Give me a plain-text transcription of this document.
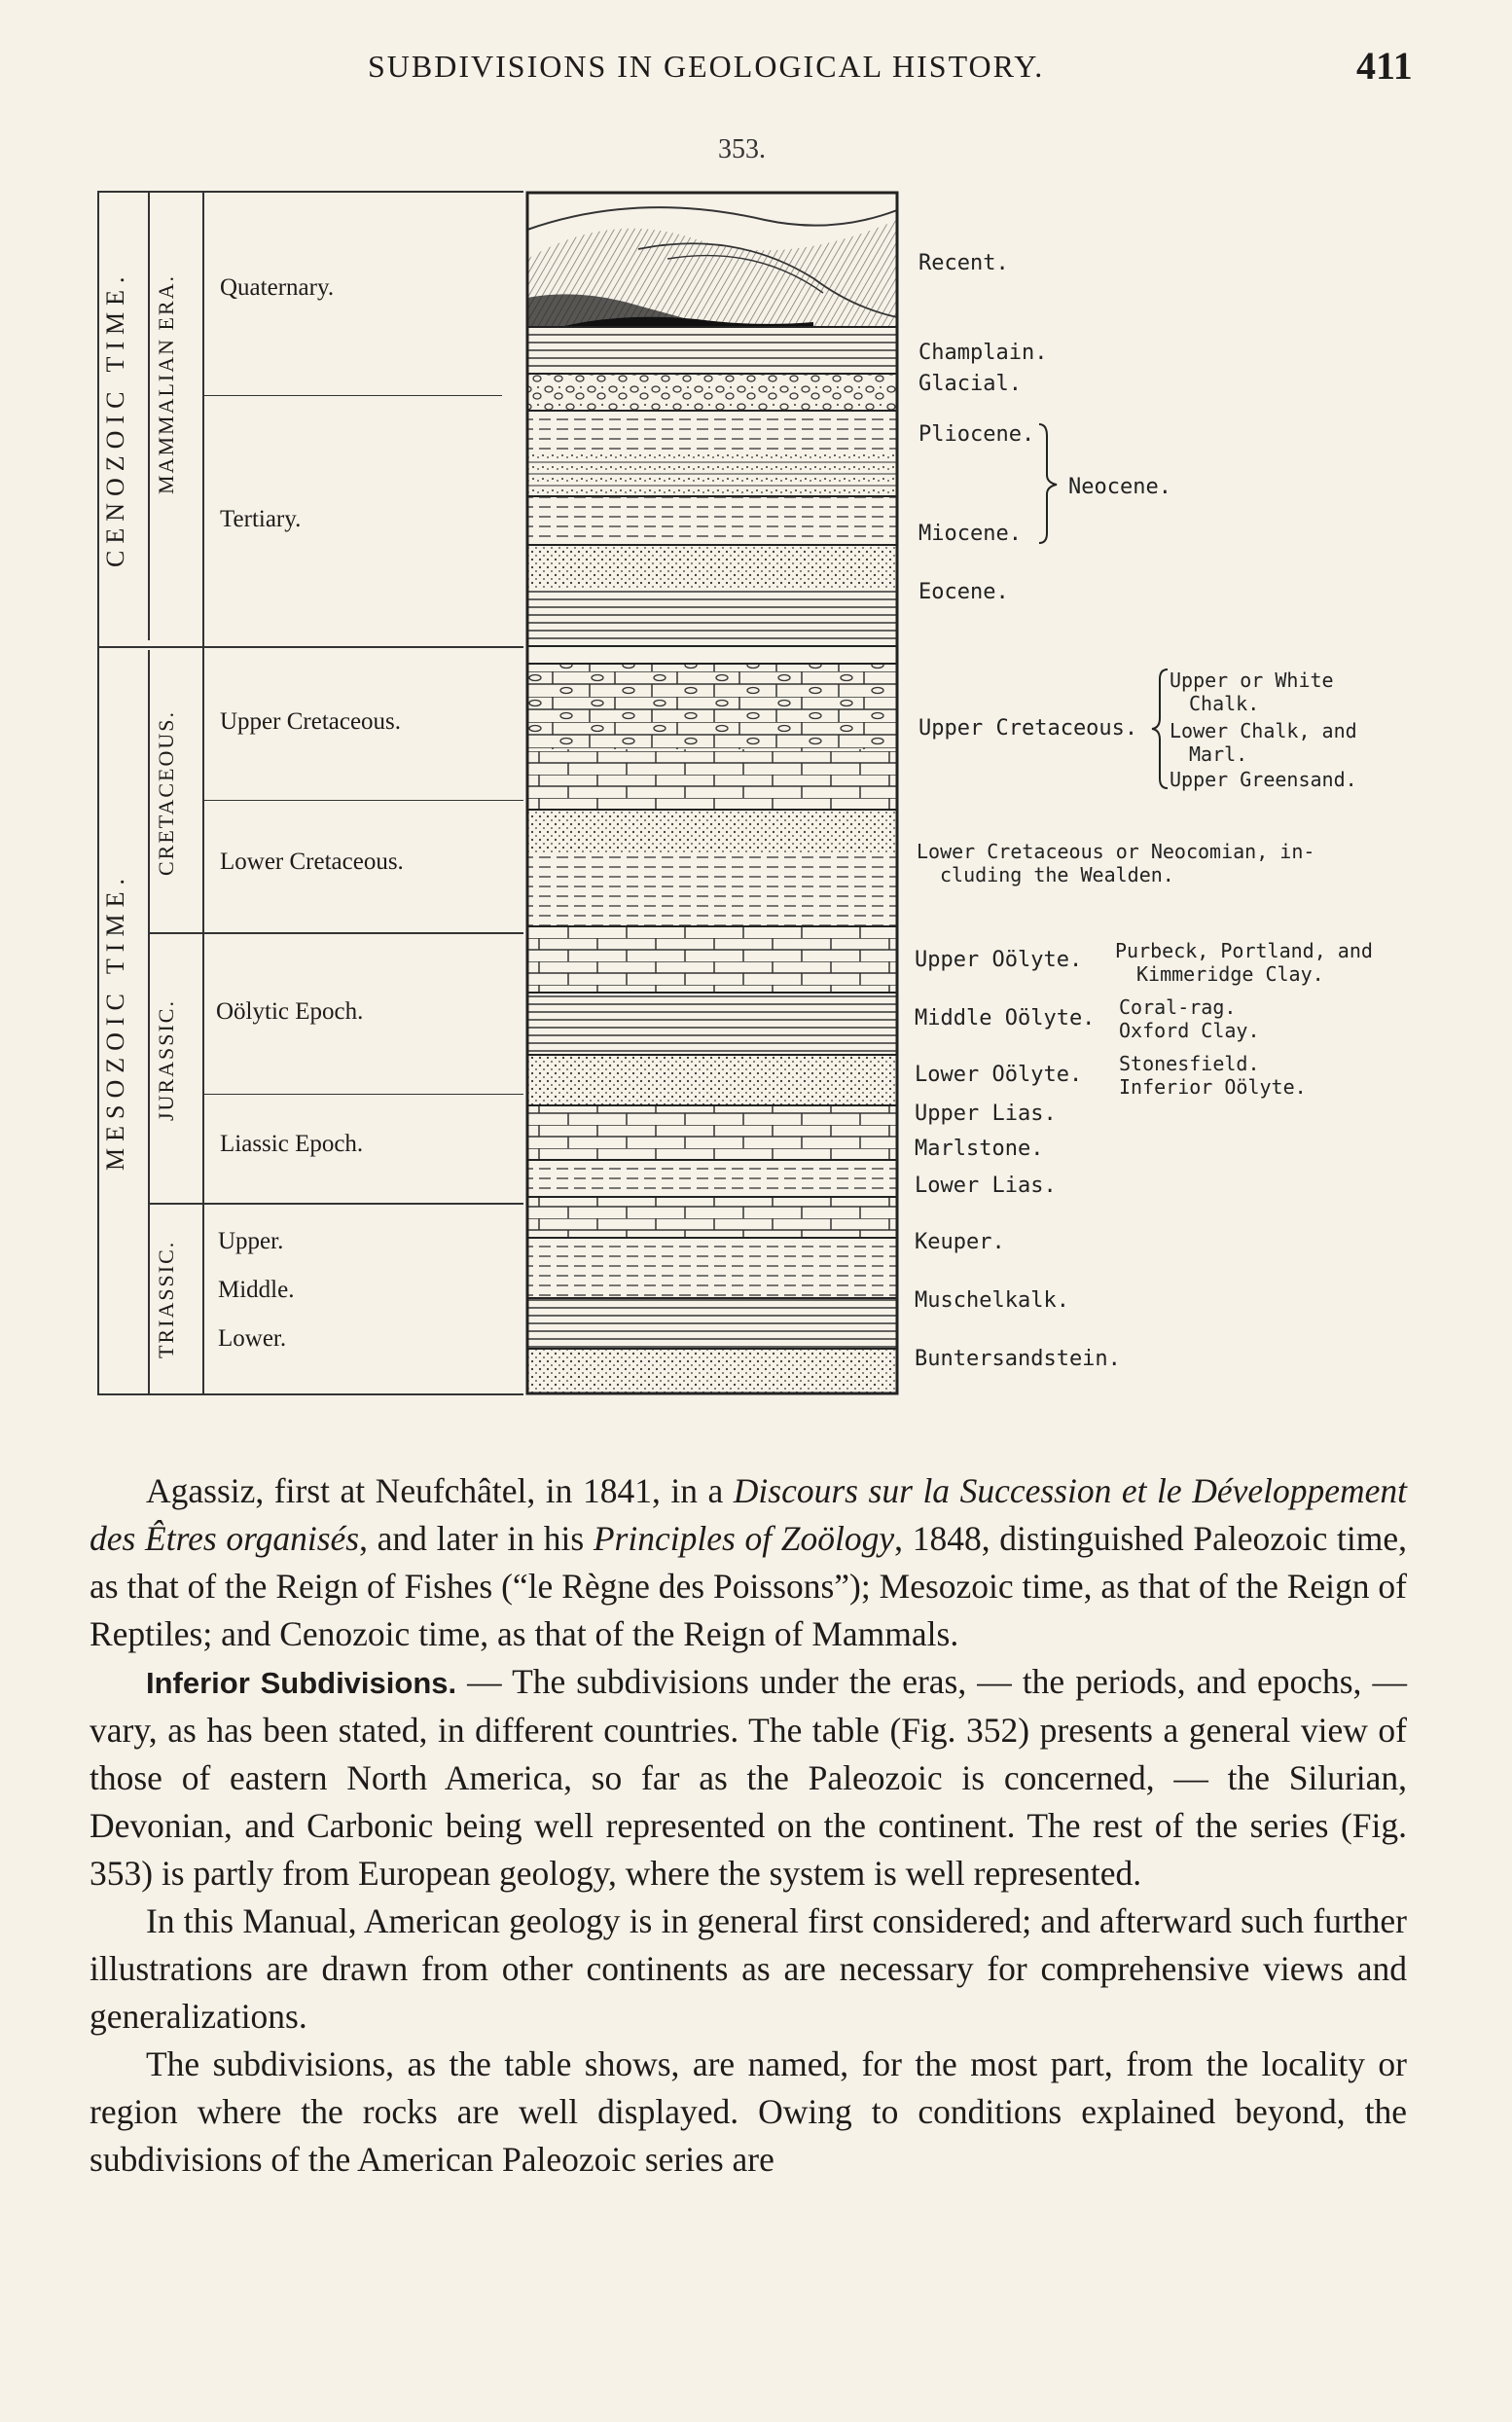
SUBDIVISIONS IN GEOLOGICAL HISTORY.	411
353.
CENOZOIC TIME.
MESOZOIC TIME.
MAMMALIAN ERA.
CRETACEOUS.
JURASSIC.
TRIASSIC.
Quaternary.
Tertiary.
Upper Cretaceous.
Lower Cretaceous.
Oölytic Epoch.
Liassic Epoch.
Upper.
Middle.
Lower.
Recent.
Champlain.
Glacial.
Pliocene.
Miocene.
Neocene.
Eocene.
Upper Cretaceous.
Upper or White
Chalk.
Lower Chalk, and
Marl.
Upper Greensand.
Lower Cretaceous or Neocomian, in-
cluding the Wealden.
Upper Oölyte. Purbeck, Portland, and
Kimmeridge Clay.
Middle Oölyte. Coral-rag.
Oxford Clay.
Lower Oölyte. Stonesfield.
Inferior Oölyte.
Upper Lias.
Marlstone.
Lower Lias.
Keuper.
Muschelkalk.
Buntersandstein.

Agassiz, first at Neufchâtel, in 1841, in a Discours sur la Succession et le Développement des Êtres organisés, and later in his Principles of Zoölogy, 1848, distinguished Paleozoic time, as that of the Reign of Fishes (“le Règne des Poissons”); Mesozoic time, as that of the Reign of Reptiles; and Cenozoic time, as that of the Reign of Mammals.

Inferior Subdivisions. — The subdivisions under the eras, — the periods, and epochs, — vary, as has been stated, in different countries. The table (Fig. 352) presents a general view of those of eastern North America, so far as the Paleozoic is concerned, — the Silurian, Devonian, and Carbonic being well represented on the continent. The rest of the series (Fig. 353) is partly from European geology, where the system is well represented.

In this Manual, American geology is in general first considered; and afterward such further illustrations are drawn from other continents as are necessary for comprehensive views and generalizations.

The subdivisions, as the table shows, are named, for the most part, from the locality or region where the rocks are well displayed. Owing to conditions explained beyond, the subdivisions of the American Paleozoic series are
